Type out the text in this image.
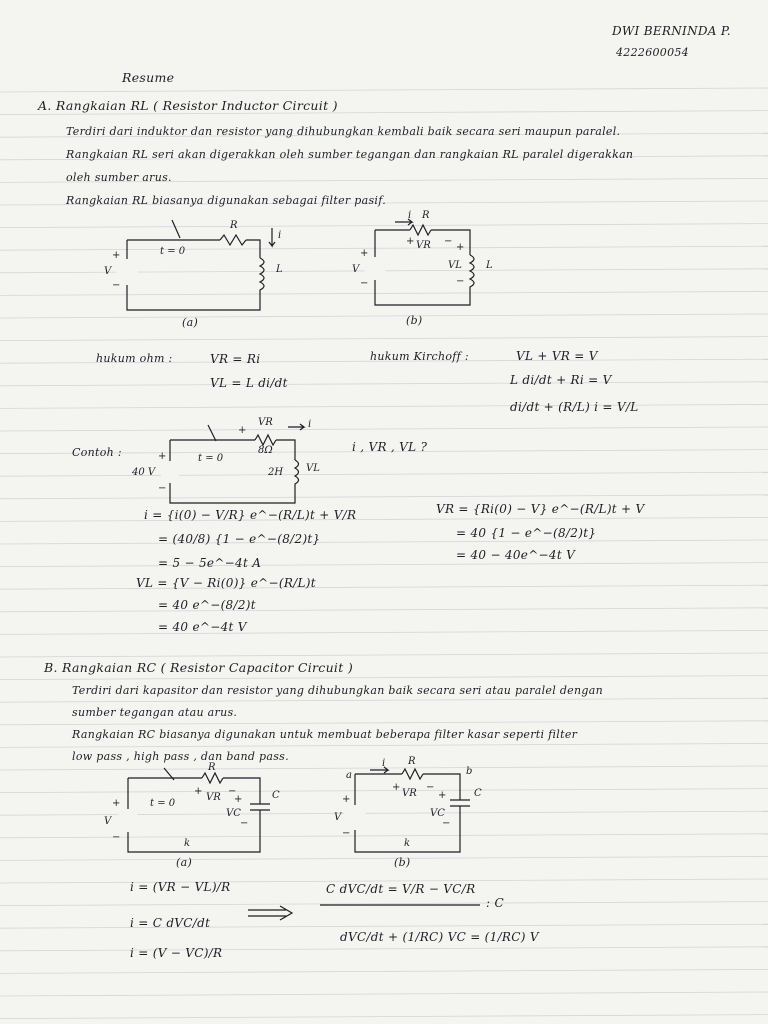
DWI BERNINDA P.
4222600054
Resume
A. Rangkaian RL ( Resistor Inductor Circuit )
Terdiri dari induktor dan resistor yang dihubungkan kembali baik secara seri maupun paralel.
Rangkaian RL seri akan digerakkan oleh sumber tegangan dan rangkaian RL paralel digerakkan
oleh sumber arus.
Rangkaian RL biasanya digunakan sebagai filter pasif.
+
V
−
t = 0
R
i
L
(a)
+
V
−
i R
+ VR −
+
VL
−
L
(b)
hukum ohm :	VR = Ri
VL = L di/dt
hukum Kirchoff :	VL + VR = V
L di/dt + Ri = V
di/dt + (R/L) i = V/L
Contoh :	+
40 V
−
t = 0
+
VR
8Ω
i
2H VL
i , VR , VL ?
i = {i(0) − V/R} e^−(R/L)t + V/R
= (40/8) {1 − e^−(8/2)t}
= 5 − 5e^−4t A
VL = {V − Ri(0)} e^−(R/L)t
= 40 e^−(8/2)t
= 40 e^−4t V
VR = {Ri(0) − V} e^−(R/L)t + V
= 40 {1 − e^−(8/2)t}
= 40 − 40e^−4t V
B. Rangkaian RC ( Resistor Capacitor Circuit )
Terdiri dari kapasitor dan resistor yang dihubungkan baik secara seri atau paralel dengan
sumber tegangan atau arus.
Rangkaian RC biasanya digunakan untuk membuat beberapa filter kasar seperti filter
low pass , high pass , dan band pass.
+
V
−
t = 0
R
+
VR
−
+	C
VC
−
k
(a)
a	b
i R
+
V
−
+
VR
−
+	C
VC
−
k
(b)
i = (VR − VL)/R
i = C dVC/dt
i = (V − VC)/R
C dVC/dt = V/R − VC/R
: C
dVC/dt + (1/RC) VC = (1/RC) V
